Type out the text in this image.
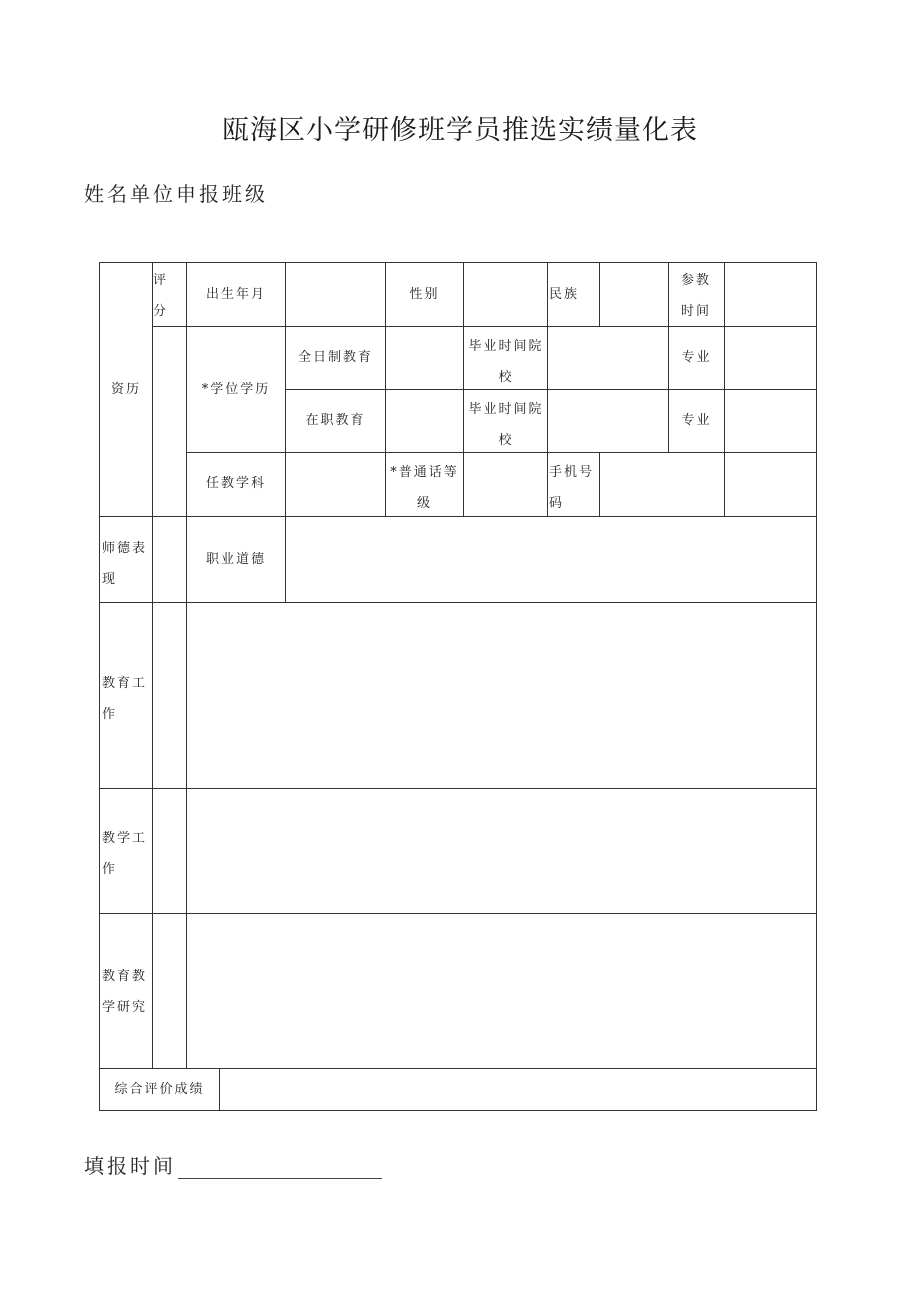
瓯海区小学研修班学员推选实绩量化表
姓名单位申报班级
资历
评分
出生年月	性别	民族
参教时间
*学位学历
全日制教育
毕业时间院校
专业
在职教育
毕业时间院校
专业
任教学科
*普通话等级
手机号码
师德表现
职业道德
教育工作
教学工作
教育教学研究
综合评价成绩
填报时间
